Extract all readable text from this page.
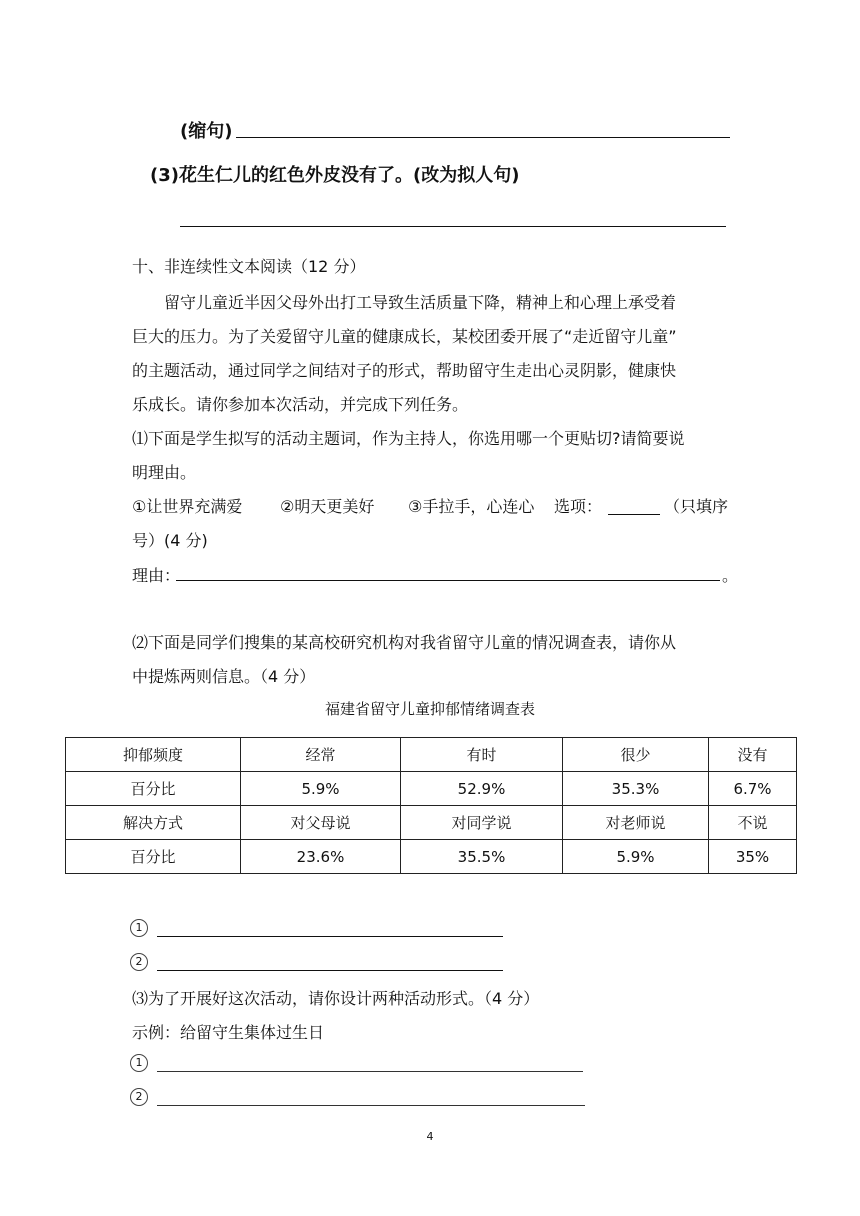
(缩句)
(3)花生仁儿的红色外皮没有了。(改为拟人句)
十、非连续性文本阅读（12 分）
留守儿童近半因父母外出打工导致生活质量下降，精神上和心理上承受着
巨大的压力。为了关爱留守儿童的健康成长，某校团委开展了“走近留守儿童”
的主题活动，通过同学之间结对子的形式，帮助留守生走出心灵阴影，健康快
乐成长。请你参加本次活动，并完成下列任务。
⑴下面是学生拟写的活动主题词，作为主持人，你选用哪一个更贴切?请简要说
明理由。
①让世界充满爱 ②明天更美好 ③手拉手，心连心 选项：	（只填序
号）(4 分)
理由：	。
⑵下面是同学们搜集的某高校研究机构对我省留守儿童的情况调查表，请你从
中提炼两则信息。（4 分）
福建省留守儿童抑郁情绪调查表
抑郁频度	经常	有时	很少	没有
百分比	5.9%	52.9%	35.3%	6.7%
解决方式	对父母说	对同学说	对老师说	不说
百分比	23.6%	35.5%	5.9%	35%
1
2
⑶为了开展好这次活动，请你设计两种活动形式。（4 分）
示例：给留守生集体过生日
1
2
4
